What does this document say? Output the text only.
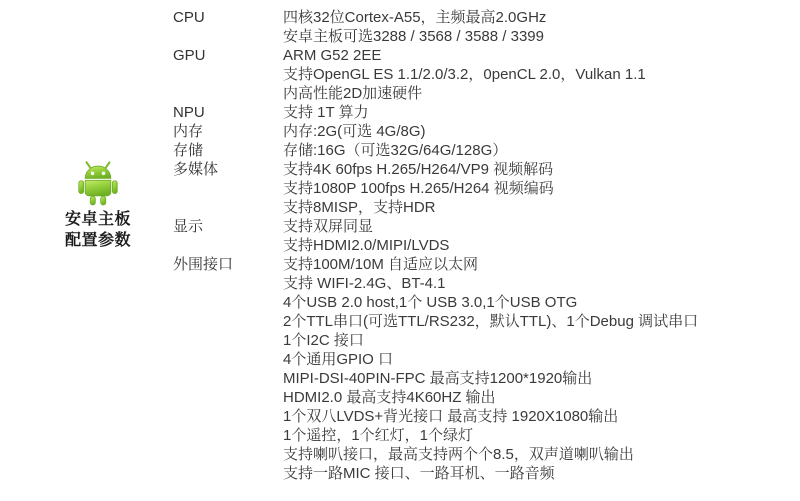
安卓主板
配置参数
CPU	四核32位Cortex-A55，主频最高2.0GHz
安卓主板可选3288 / 3568 / 3588 / 3399
GPU	ARM G52 2EE
支持OpenGL ES 1.1/2.0/3.2，0penCL 2.0，Vulkan 1.1
内高性能2D加速硬件
NPU	支持 1T 算力
内存	内存:2G(可选 4G/8G)
存储	存储:16G（可选32G/64G/128G）
多媒体	支持4K 60fps H.265/H264/VP9 视频解码
支持1080P 100fps H.265/H264 视频编码
支持8MISP，支持HDR
显示	支持双屏同显
支持HDMI2.0/MIPI/LVDS
外围接口	支持100M/10M 自适应以太网
支持 WIFI-2.4G、BT-4.1
4个USB 2.0 host,1个 USB 3.0,1个USB OTG
2个TTL串口(可选TTL/RS232，默认TTL)、1个Debug 调试串口
1个I2C 接口
4个通用GPIO 口
MIPI-DSI-40PIN-FPC 最高支持1200*1920输出
HDMI2.0 最高支持4K60HZ 输出
1个双八LVDS+背光接口 最高支持 1920X1080输出
1个遥控，1个红灯，1个绿灯
支持喇叭接口，最高支持两个个8.5，双声道喇叭输出
支持一路MIC 接口、一路耳机、一路音频
